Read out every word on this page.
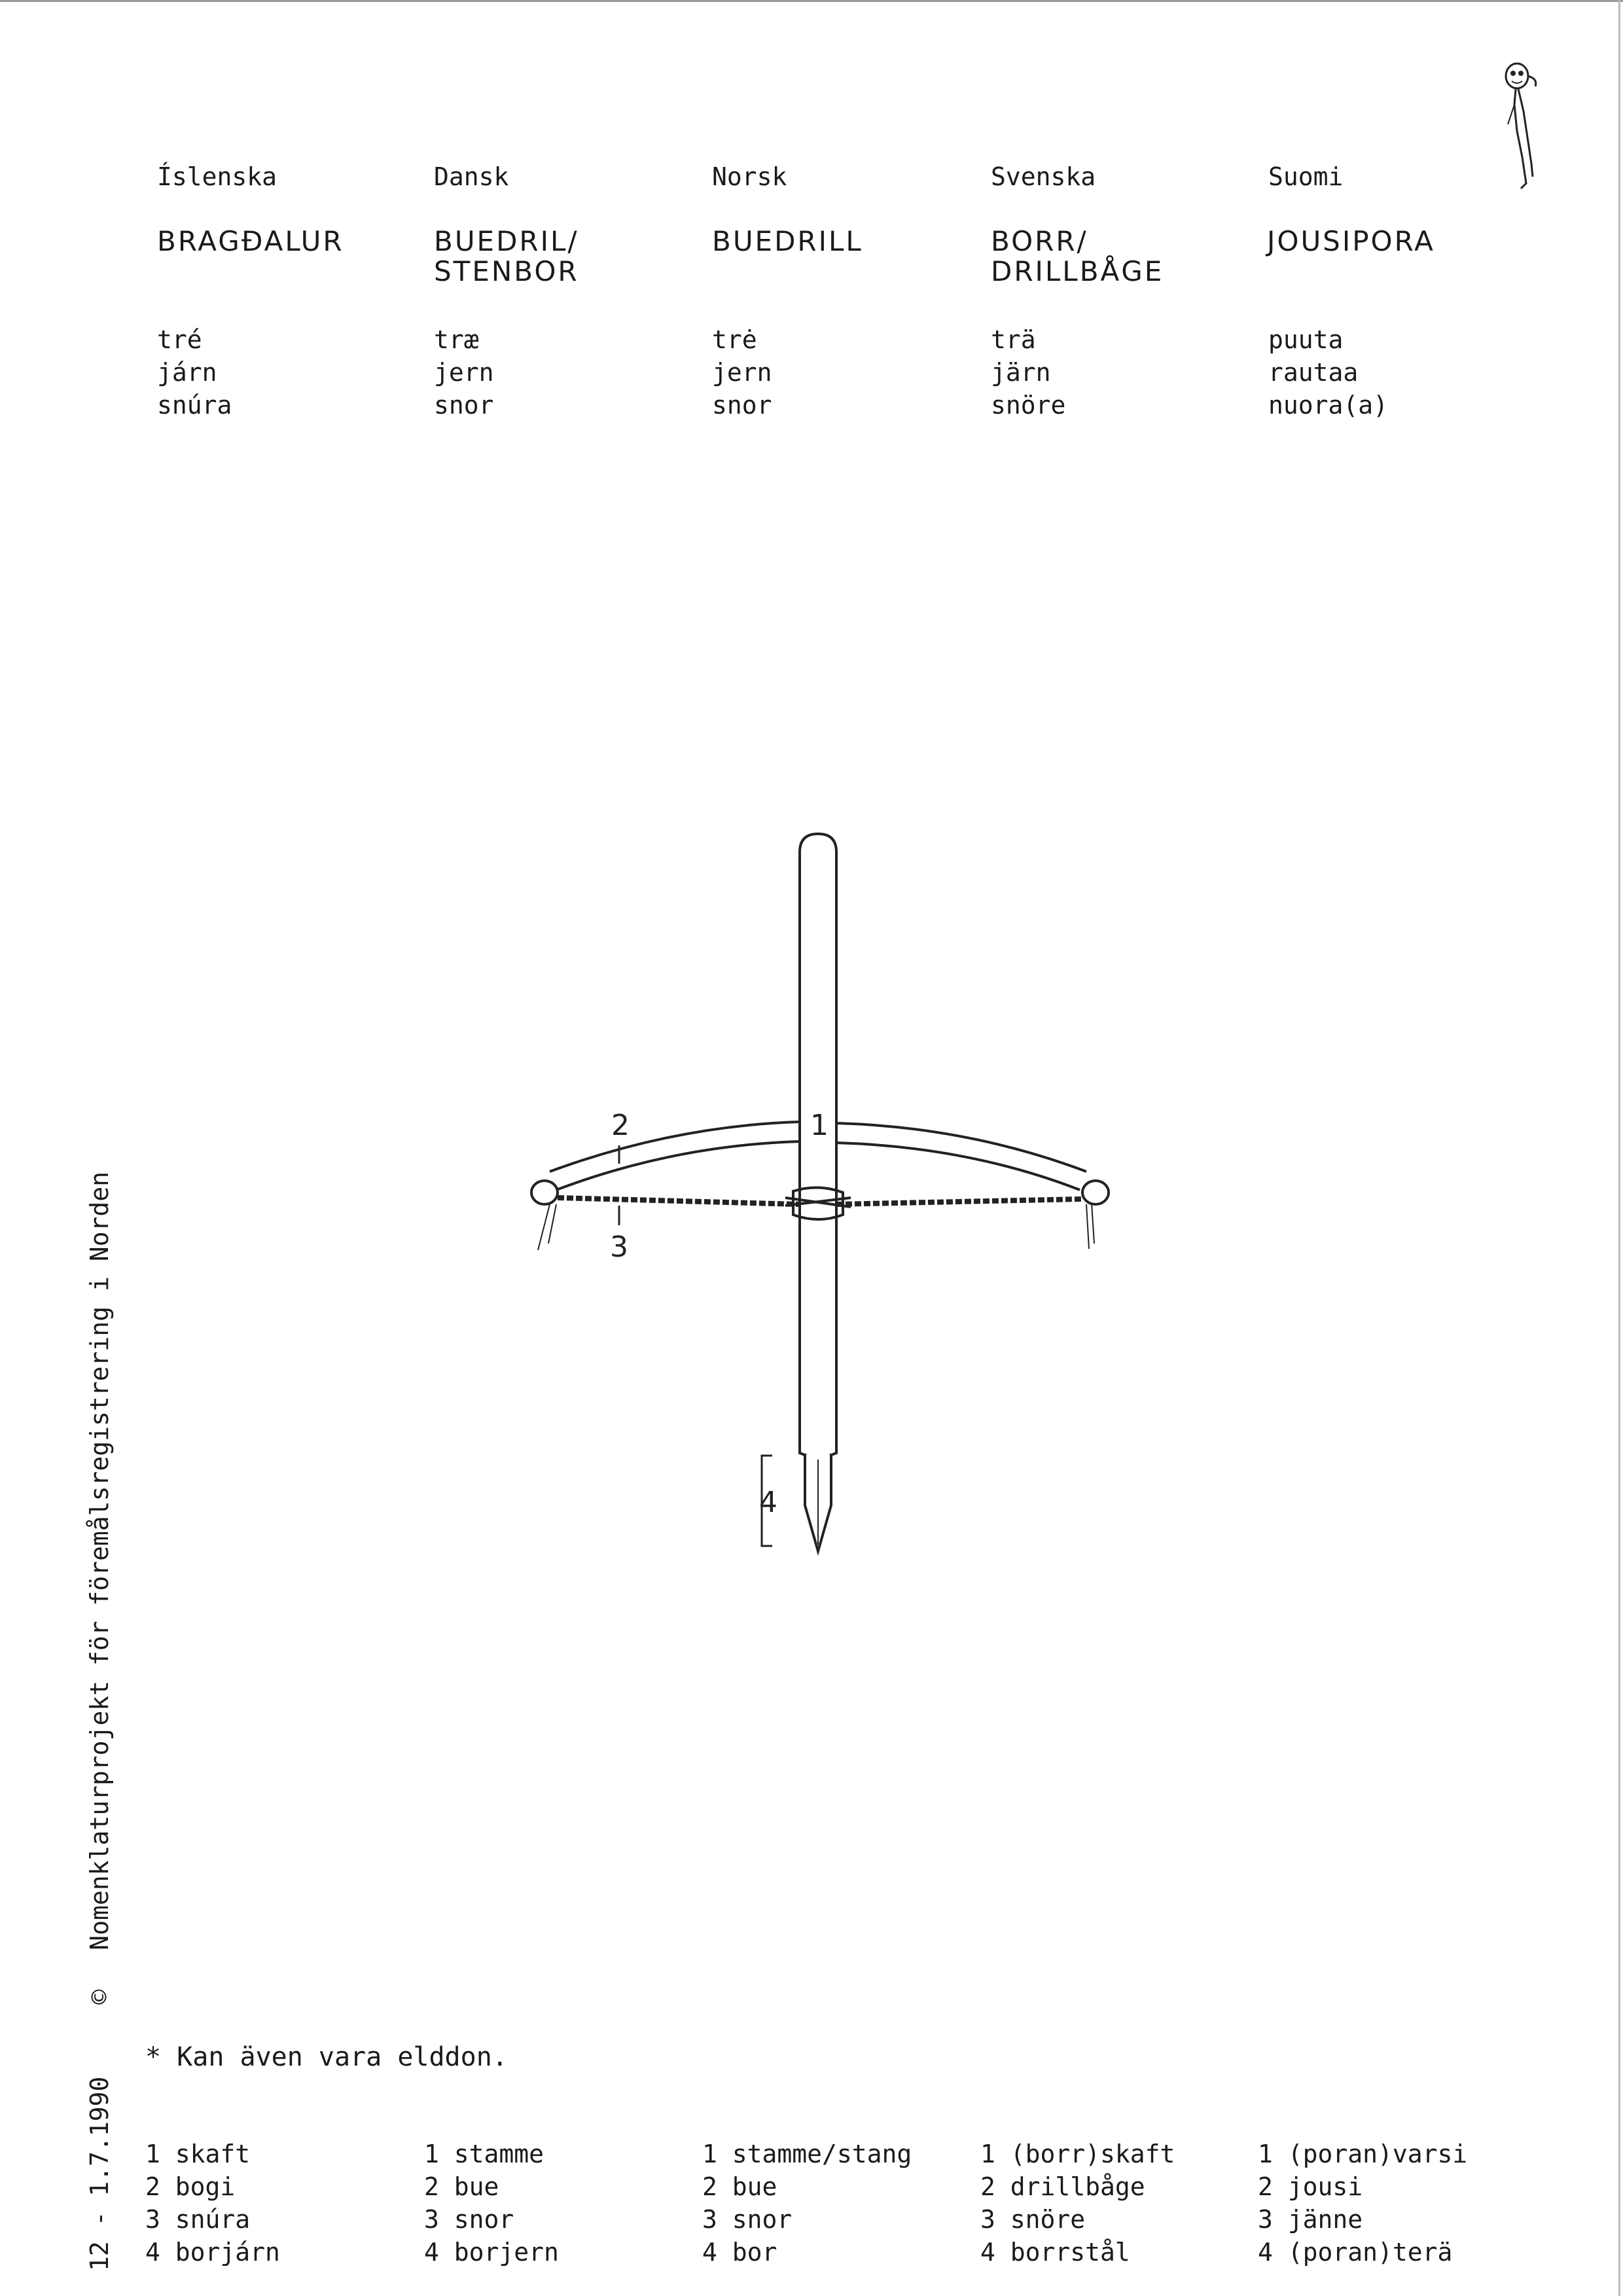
Íslenska
BRAGÐALUR
tré
járn
snúra
Dansk
BUEDRIL/
STENBOR
træ
jern
snor
Norsk
BUEDRILL
trė
jern
snor
Svenska
BORR/
DRILLBÅGE
trä
järn
snöre
Suomi
JOUSIPORA
puuta
rautaa
nuora(a)
2	1
3
4
12 - 1.7.1990
©
Nomenklaturprojekt för föremålsregistrering i Norden
* Kan även vara elddon.
1 skaft
2 bogi
3 snúra
4 borjárn
1 stamme
2 bue
3 snor
4 borjern
1 stamme/stang
2 bue
3 snor
4 bor
1 (borr)skaft
2 drillbåge
3 snöre
4 borrstål
1 (poran)varsi
2 jousi
3 jänne
4 (poran)terä
